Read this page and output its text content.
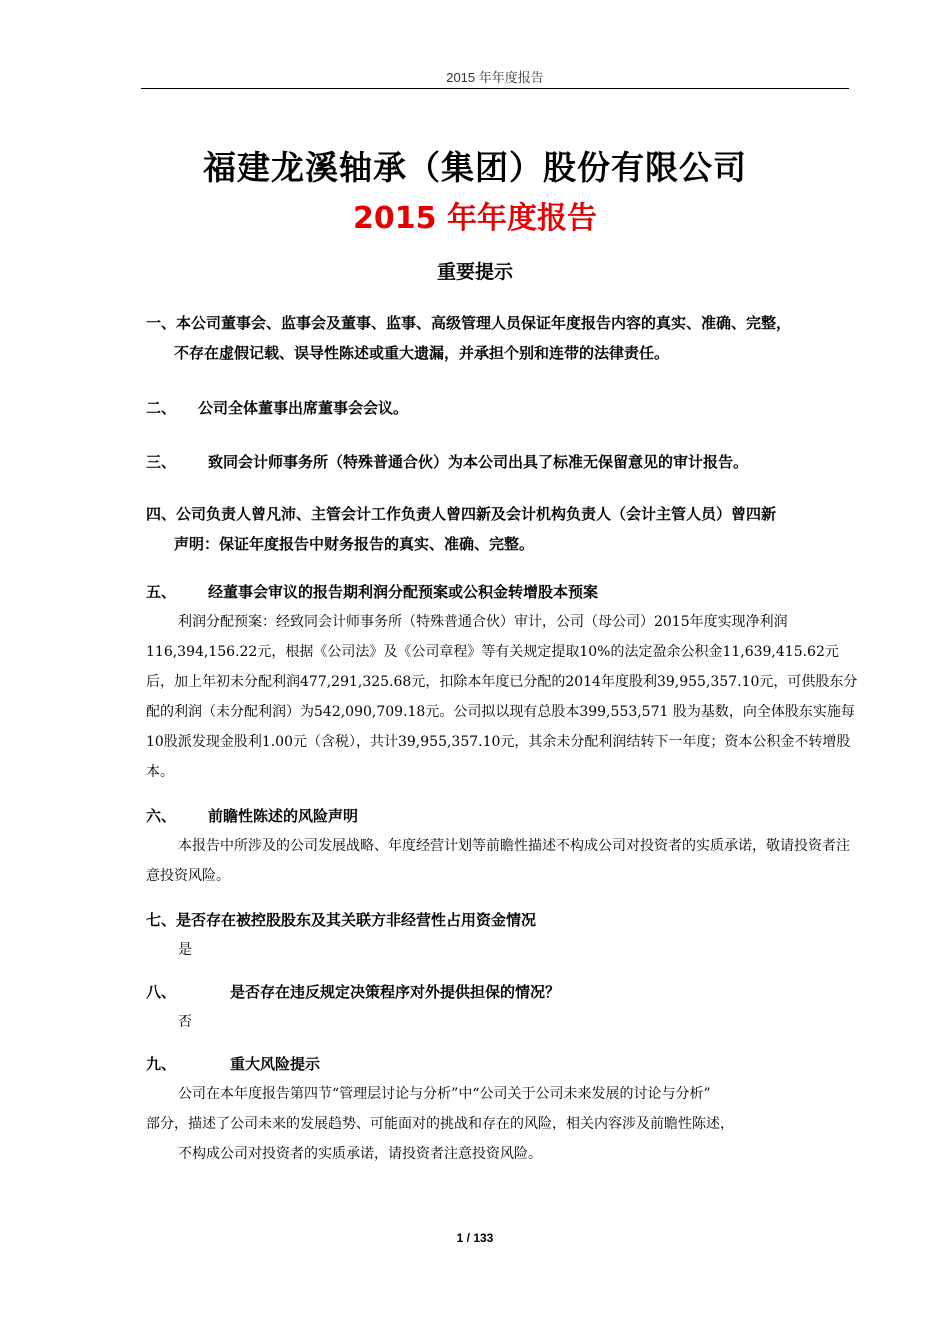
2015 年年度报告
福建龙溪轴承（集团）股份有限公司
2015 年年度报告
重要提示

一、本公司董事会、监事会及董事、监事、高级管理人员保证年度报告内容的真实、准确、完整，
不存在虚假记载、误导性陈述或重大遗漏，并承担个别和连带的法律责任。

二、 公司全体董事出席董事会会议。

三、 致同会计师事务所（特殊普通合伙）为本公司出具了标准无保留意见的审计报告。

四、公司负责人曾凡沛、主管会计工作负责人曾四新及会计机构负责人（会计主管人员）曾四新
声明：保证年度报告中财务报告的真实、准确、完整。

五、 经董事会审议的报告期利润分配预案或公积金转增股本预案

利润分配预案：经致同会计师事务所（特殊普通合伙）审计，公司（母公司）2015年度实现净利润116,394,156.22元，根据《公司法》及《公司章程》等有关规定提取10%的法定盈余公积金11,639,415.62元后，加上年初未分配利润477,291,325.68元，扣除本年度已分配的2014年度股利39,955,357.10元，可供股东分配的利润（未分配利润）为542,090,709.18元。公司拟以现有总股本399,553,571 股为基数，向全体股东实施每10股派发现金股利1.00元（含税），共计39,955,357.10元，其余未分配利润结转下一年度；资本公积金不转增股本。

六、 前瞻性陈述的风险声明

本报告中所涉及的公司发展战略、年度经营计划等前瞻性描述不构成公司对投资者的实质承诺，敬请投资者注意投资风险。

七、是否存在被控股股东及其关联方非经营性占用资金情况

是

八、	是否存在违反规定决策程序对外提供担保的情况？

否

九、	重大风险提示

公司在本年度报告第四节“管理层讨论与分析”中“公司关于公司未来发展的讨论与分析”
部分，描述了公司未来的发展趋势、可能面对的挑战和存在的风险，相关内容涉及前瞻性陈述，
不构成公司对投资者的实质承诺，请投资者注意投资风险。

1 / 133
